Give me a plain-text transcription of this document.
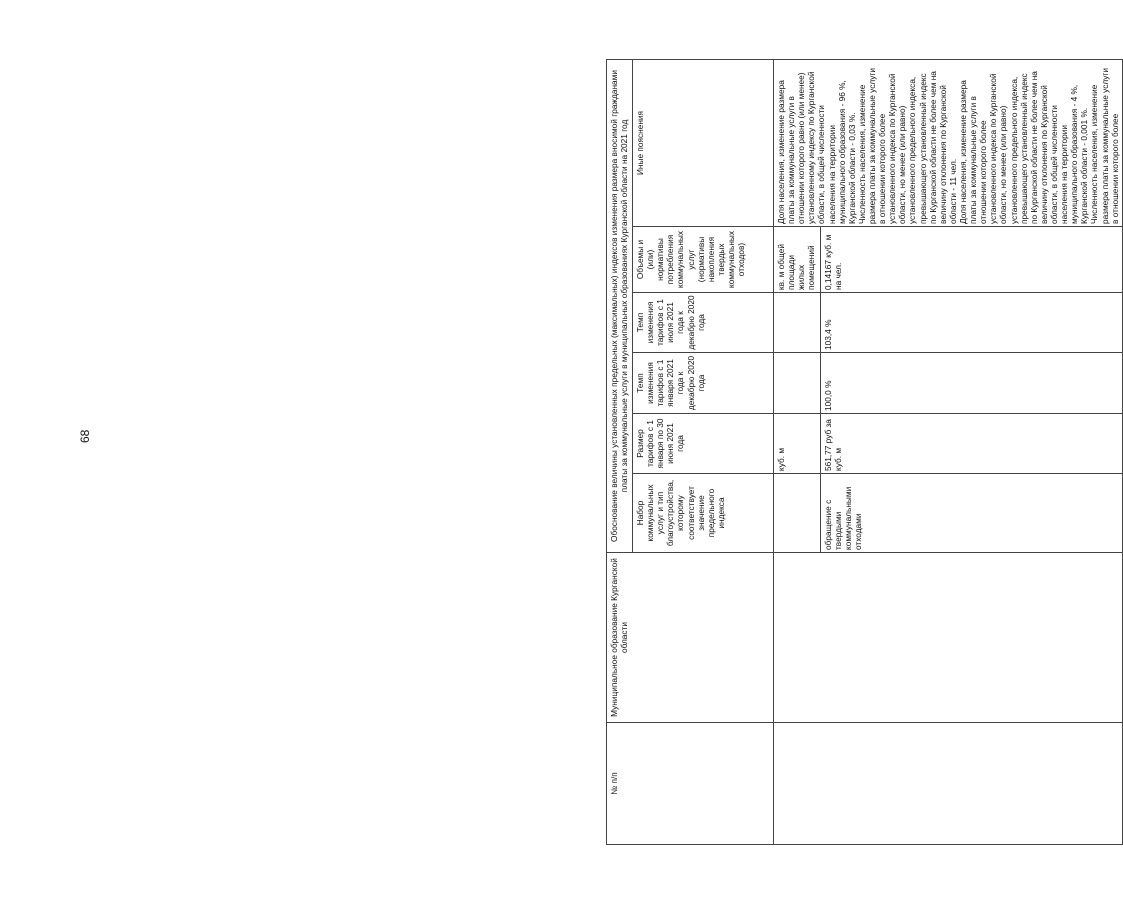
68
№ п/п	Муниципальное образование Курганской области	Обоснование величины установленных предельных (максимальных) индексов изменения размера вносимой гражданами платы за коммунальные услуги в муниципальных образованиях Курганской области на 2021 год					
		Набор коммунальных услуг и тип благоустройства, которому соответствует значение предельного индекса	Размер тарифов с 1 января по 30 июня 2021 года	Темп изменения тарифов с 1 января 2021 года к декабрю 2020 года	Темп изменения тарифов с 1 июля 2021 года к декабрю 2020 года	Объемы и (или) нормативы потребления коммунальных услуг (нормативы накопления твердых коммунальных отходов)	Иные пояснения
			куб. м			кв. м общей площади жилых помещений	Доля населения, изменение размера платы за коммунальные услуги в отношении которого равно (или менее) установленному индексу по Курганской области, в общей численности населения на территории муниципального образования - 96 %, Курганской области - 0,03 %.
Численность населения, изменение размера платы за коммунальные услуги в отношении которого более установленного индекса по Курганской области, но менее (или равно) установленного предельного индекса, превышающего установленный индекс по Курганской области не более чем на величину отклонения по Курганской области - 11 чел.
Доля населения, изменение размера платы за коммунальные услуги в отношении которого более установленного индекса по Курганской области, но менее (или равно) установленного предельного индекса, превышающего установленный индекс по Курганской области не более чем на величину отклонения по Курганской области, в общей численности населения на территории муниципального образования - 4 %, Курганской области - 0,001 %.
Численность населения, изменение размера платы за коммунальные услуги в отношении которого более
		обращение с твердыми коммунальными отходами	561,77 руб за куб. м	100,0 %	103,4 %	0,14167 куб. м на чел.	
